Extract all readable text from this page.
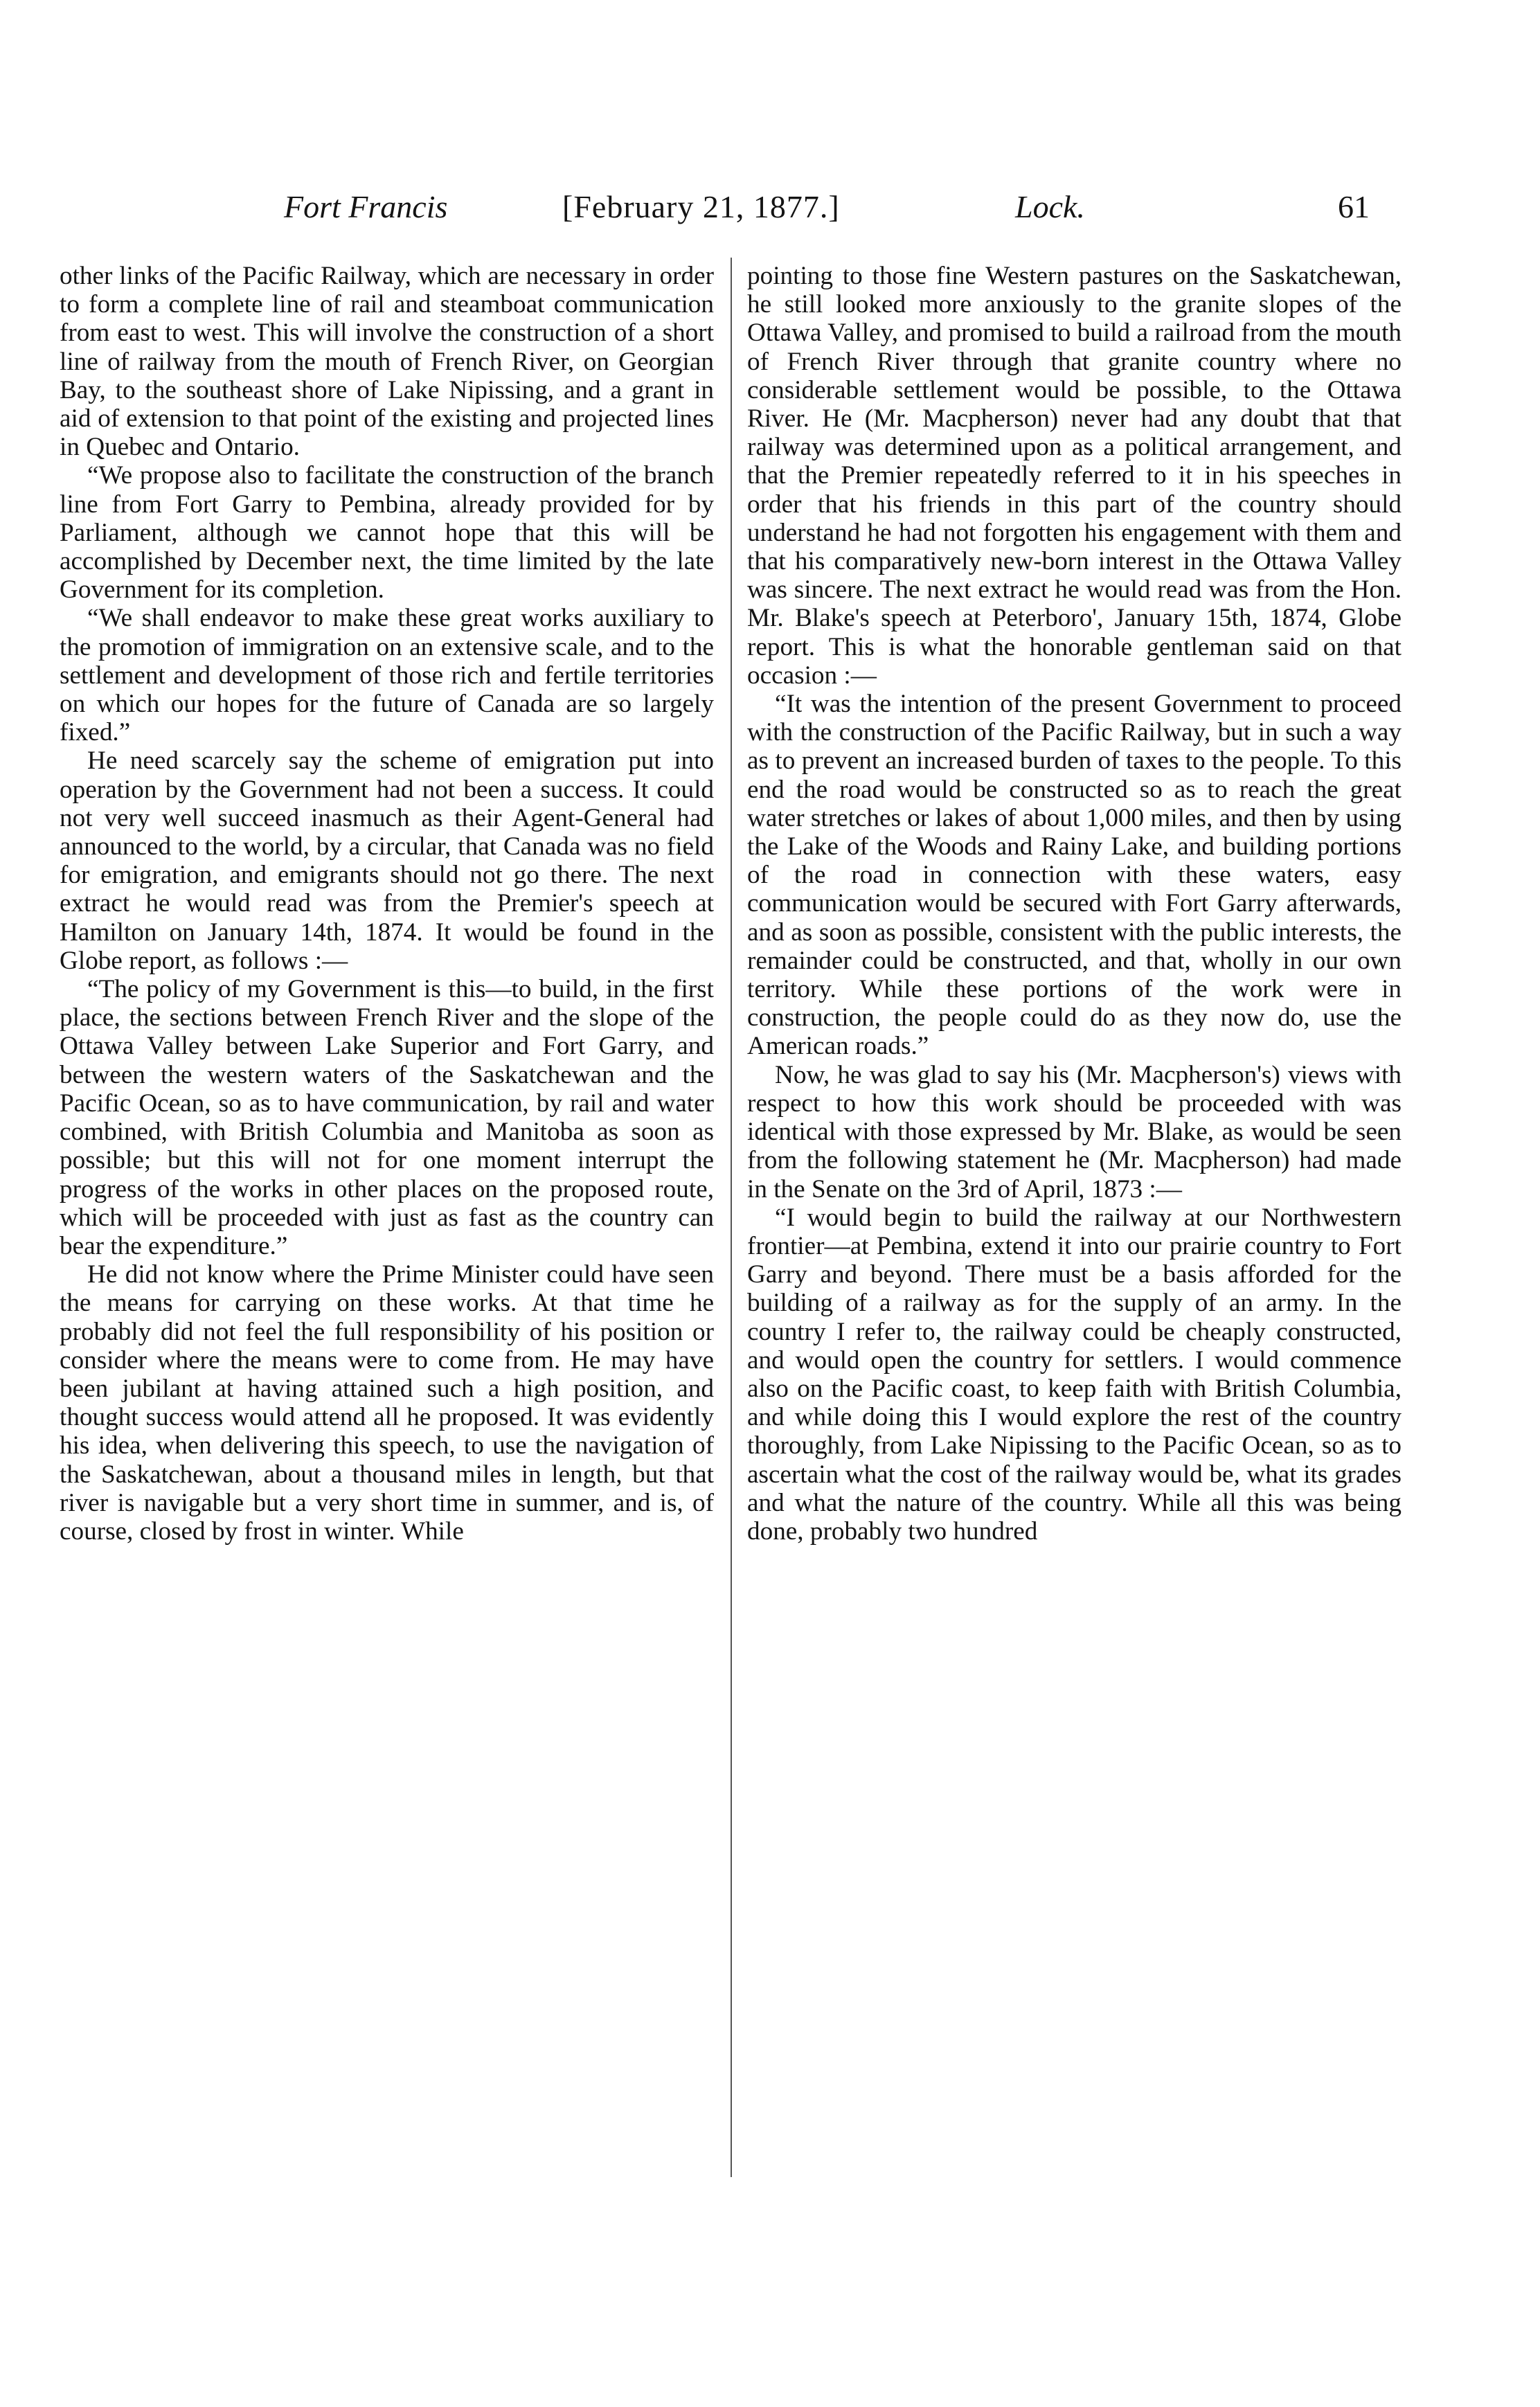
Fort Francis	[February 21, 1877.]	Lock.	61

other links of the Pacific Railway, which are necessary in order to form a complete line of rail and steamboat communication from east to west. This will involve the construction of a short line of railway from the mouth of French River, on Georgian Bay, to the southeast shore of Lake Nipissing, and a grant in aid of extension to that point of the existing and projected lines in Quebec and Ontario.

“We propose also to facilitate the construction of the branch line from Fort Garry to Pembina, already provided for by Parliament, although we cannot hope that this will be accomplished by December next, the time limited by the late Government for its completion.

“We shall endeavor to make these great works auxiliary to the promotion of immigration on an extensive scale, and to the settlement and development of those rich and fertile territories on which our hopes for the future of Canada are so largely fixed.”

He need scarcely say the scheme of emigration put into operation by the Government had not been a success. It could not very well succeed inasmuch as their Agent-General had announced to the world, by a circular, that Canada was no field for emigration, and emigrants should not go there. The next extract he would read was from the Premier's speech at Hamilton on January 14th, 1874. It would be found in the Globe report, as follows :—

“The policy of my Government is this—to build, in the first place, the sections between French River and the slope of the Ottawa Valley between Lake Superior and Fort Garry, and between the western waters of the Saskatchewan and the Pacific Ocean, so as to have communication, by rail and water combined, with British Columbia and Manitoba as soon as possible; but this will not for one moment interrupt the progress of the works in other places on the proposed route, which will be proceeded with just as fast as the country can bear the expenditure.”

He did not know where the Prime Minister could have seen the means for carrying on these works. At that time he probably did not feel the full responsibility of his position or consider where the means were to come from. He may have been jubilant at having attained such a high position, and thought success would attend all he proposed. It was evidently his idea, when delivering this speech, to use the navigation of the Saskatchewan, about a thousand miles in length, but that river is navigable but a very short time in summer, and is, of course, closed by frost in winter. While

pointing to those fine Western pastures on the Saskatchewan, he still looked more anxiously to the granite slopes of the Ottawa Valley, and promised to build a railroad from the mouth of French River through that granite country where no considerable settlement would be possible, to the Ottawa River. He (Mr. Macpherson) never had any doubt that that railway was determined upon as a political arrangement, and that the Premier repeatedly referred to it in his speeches in order that his friends in this part of the country should understand he had not forgotten his engagement with them and that his comparatively new-born interest in the Ottawa Valley was sincere. The next extract he would read was from the Hon. Mr. Blake's speech at Peterboro', January 15th, 1874, Globe report. This is what the honorable gentleman said on that occasion :—

“It was the intention of the present Government to proceed with the construction of the Pacific Railway, but in such a way as to prevent an increased burden of taxes to the people. To this end the road would be constructed so as to reach the great water stretches or lakes of about 1,000 miles, and then by using the Lake of the Woods and Rainy Lake, and building portions of the road in connection with these waters, easy communication would be secured with Fort Garry afterwards, and as soon as possible, consistent with the public interests, the remainder could be constructed, and that, wholly in our own territory. While these portions of the work were in construction, the people could do as they now do, use the American roads.”

Now, he was glad to say his (Mr. Macpherson's) views with respect to how this work should be proceeded with was identical with those expressed by Mr. Blake, as would be seen from the following statement he (Mr. Macpherson) had made in the Senate on the 3rd of April, 1873 :—

“I would begin to build the railway at our Northwestern frontier—at Pembina, extend it into our prairie country to Fort Garry and beyond. There must be a basis afforded for the building of a railway as for the supply of an army. In the country I refer to, the railway could be cheaply constructed, and would open the country for settlers. I would commence also on the Pacific coast, to keep faith with British Columbia, and while doing this I would explore the rest of the country thoroughly, from Lake Nipissing to the Pacific Ocean, so as to ascertain what the cost of the railway would be, what its grades and what the nature of the country. While all this was being done, probably two hundred
